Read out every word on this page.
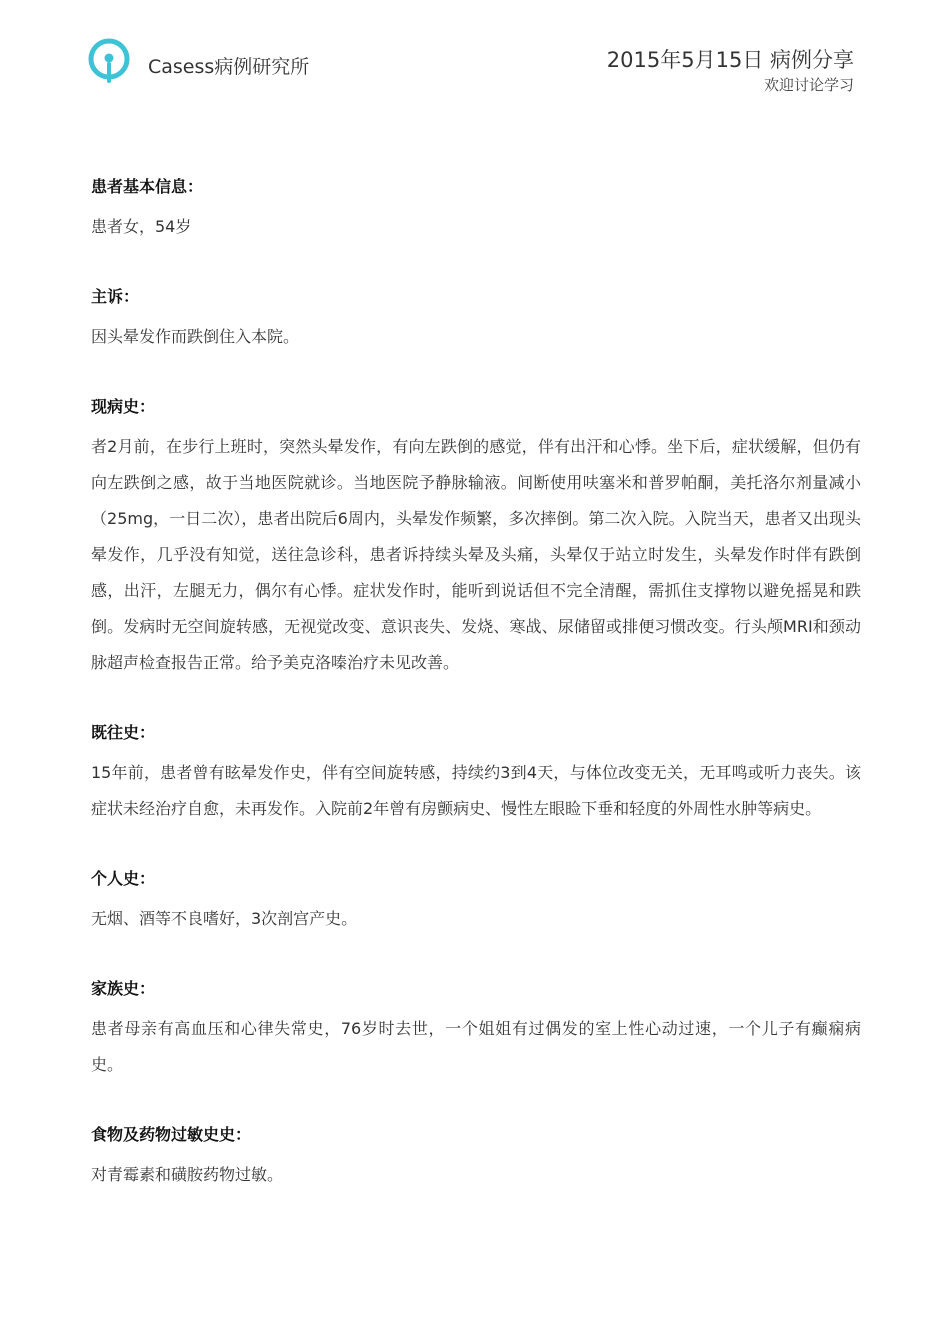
Casess病例研究所	2015年5月15日 病例分享
欢迎讨论学习
患者基本信息：
患者女，54岁
主诉：
因头晕发作而跌倒住入本院。
现病史：
者2月前，在步行上班时，突然头晕发作，有向左跌倒的感觉，伴有出汗和心悸。坐下后，症状缓解，但仍有向左跌倒之感，故于当地医院就诊。当地医院予静脉输液。间断使用呋塞米和普罗帕酮，美托洛尔剂量减小（25mg，一日二次），患者出院后6周内，头晕发作频繁，多次摔倒。第二次入院。入院当天，患者又出现头晕发作，几乎没有知觉，送往急诊科，患者诉持续头晕及头痛，头晕仅于站立时发生，头晕发作时伴有跌倒感，出汗，左腿无力，偶尔有心悸。症状发作时，能听到说话但不完全清醒，需抓住支撑物以避免摇晃和跌倒。发病时无空间旋转感，无视觉改变、意识丧失、发烧、寒战、尿储留或排便习惯改变。行头颅MRI和颈动脉超声检查报告正常。给予美克洛嗪治疗未见改善。
既往史：
15年前，患者曾有眩晕发作史，伴有空间旋转感，持续约3到4天，与体位改变无关，无耳鸣或听力丧失。该症状未经治疗自愈，未再发作。入院前2年曾有房颤病史、慢性左眼睑下垂和轻度的外周性水肿等病史。
个人史：
无烟、酒等不良嗜好，3次剖宫产史。
家族史：
患者母亲有高血压和心律失常史，76岁时去世，一个姐姐有过偶发的室上性心动过速，一个儿子有癫痫病史。
食物及药物过敏史史：
对青霉素和磺胺药物过敏。
